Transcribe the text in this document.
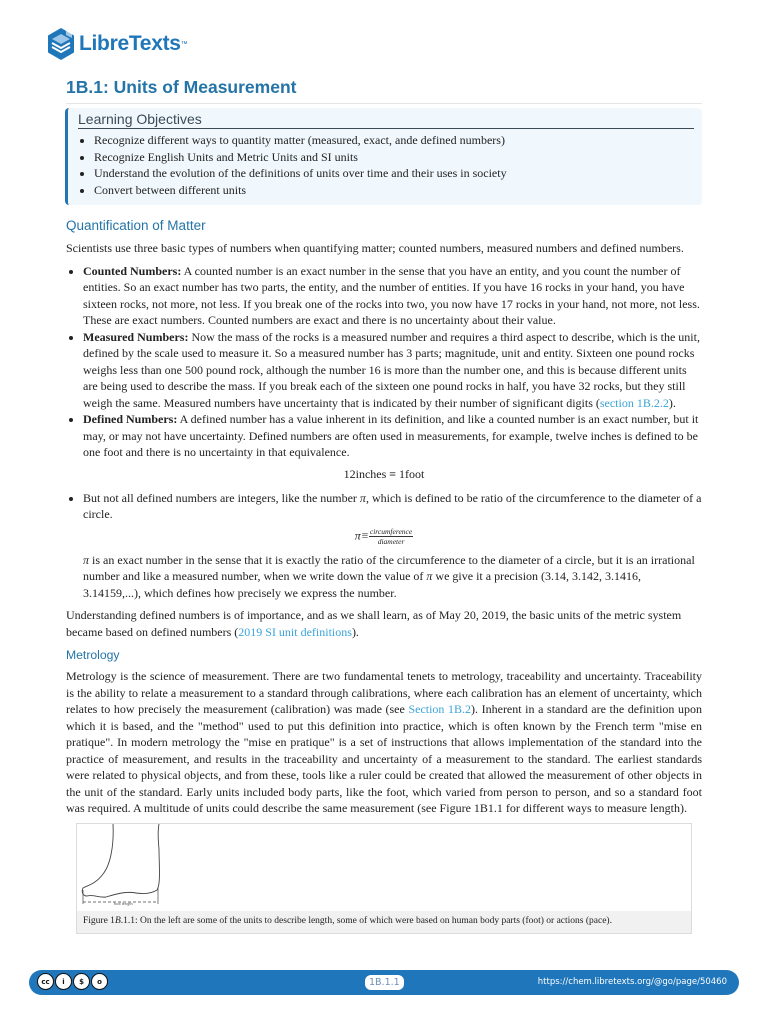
LibreTexts ™
1B.1: Units of Measurement
Learning Objectives
• Recognize different ways to quantity matter (measured, exact, ande defined numbers)
• Recognize English Units and Metric Units and SI units
• Understand the evolution of the definitions of units over time and their uses in society
• Convert between different units
Quantification of Matter

Scientists use three basic types of numbers when quantifying matter; counted numbers, measured numbers and defined numbers.

• Counted Numbers: A counted number is an exact number in the sense that you have an entity, and you count the number of entities. So an exact number has two parts, the entity, and the number of entities. If you have 16 rocks in your hand, you have sixteen rocks, not more, not less. If you break one of the rocks into two, you now have 17 rocks in your hand, not more, not less. These are exact numbers. Counted numbers are exact and there is no uncertainty about their value.
• Measured Numbers: Now the mass of the rocks is a measured number and requires a third aspect to describe, which is the unit, defined by the scale used to measure it. So a measured number has 3 parts; magnitude, unit and entity. Sixteen one pound rocks weighs less than one 500 pound rock, although the number 16 is more than the number one, and this is because different units are being used to describe the mass. If you break each of the sixteen one pound rocks in half, you have 32 rocks, but they still weigh the same. Measured numbers have uncertainty that is indicated by their number of significant digits (section 1B.2.2).
• Defined Numbers: A defined number has a value inherent in its definition, and like a counted number is an exact number, but it may, or may not have uncertainty. Defined numbers are often used in measurements, for example, twelve inches is defined to be one foot and there is no uncertainty in that equivalence.
12inches ≡ 1foot
• But not all defined numbers are integers, like the number π, which is defined to be ratio of the circumference to the diameter of a circle.
$\pi\equiv \frac{\text{circumference}}{\text{diameter}}$

π is an exact number in the sense that it is exactly the ratio of the circumference to the diameter of a circle, but it is an irrational number and like a measured number, when we write down the value of π we give it a precision (3.14, 3.142, 3.1416, 3.14159,...), which defines how precisely we express the number.

Understanding defined numbers is of importance, and as we shall learn, as of May 20, 2019, the basic units of the metric system became based on defined numbers (2019 SI unit definitions).

Metrology

Metrology is the science of measurement. There are two fundamental tenets to metrology, traceability and uncertainty. Traceability is the ability to relate a measurement to a standard through calibrations, where each calibration has an element of uncertainty, which relates to how precisely the measurement (calibration) was made (see Section 1B.2). Inherent in a standard are the definition upon which it is based, and the "method" used to put this definition into practice, which is often known by the French term "mise en pratique". In modern metrology the "mise en pratique" is a set of instructions that allows implementation of the standard into the practice of measurement, and results in the traceability and uncertainty of a measurement to the standard. The earliest standards were related to physical objects, and from these, tools like a ruler could be created that allowed the measurement of other objects in the unit of the standard. Early units included body parts, like the foot, which varied from person to person, and so a standard foot was required. A multitude of units could describe the same measurement (see Figure 1B1.1 for different ways to measure length).

foot length
Figure 1B.1.1: On the left are some of the units to describe length, some of which were based on human body parts (foot) or actions (pace).
cc	i	$	o	1B.1.1	https://chem.libretexts.org/@go/page/50460
